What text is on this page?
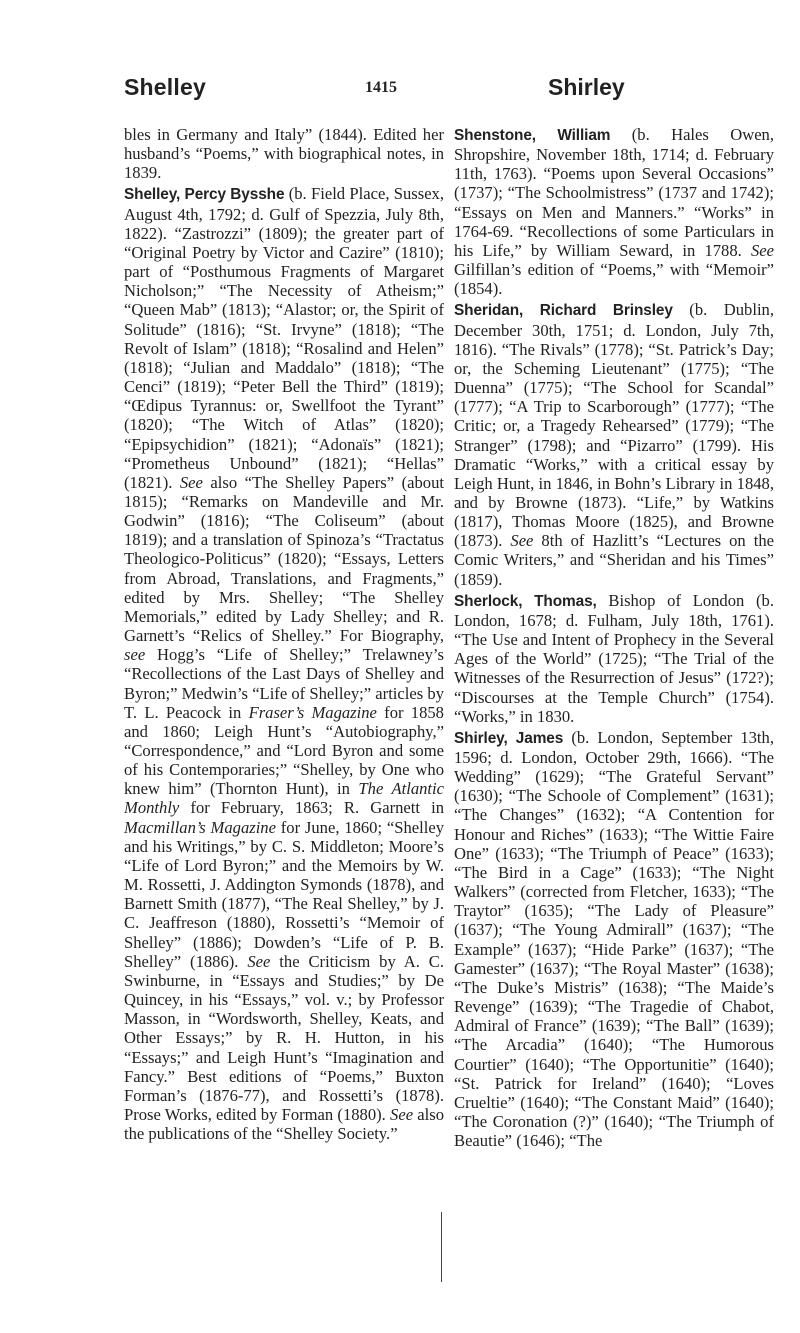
Shelley	1415	Shirley

bles in Germany and Italy” (1844). Edited her husband’s “Poems,” with biographical notes, in 1839.

Shelley, Percy Bysshe (b. Field Place, Sussex, August 4th, 1792; d. Gulf of Spezzia, July 8th, 1822). “Zastrozzi” (1809); the greater part of “Original Poetry by Victor and Cazire” (1810); part of “Posthumous Fragments of Margaret Nicholson;” “The Necessity of Atheism;” “Queen Mab” (1813); “Alastor; or, the Spirit of Solitude” (1816); “St. Irvyne” (1818); “The Revolt of Islam” (1818); “Rosalind and Helen” (1818); “Julian and Maddalo” (1818); “The Cenci” (1819); “Peter Bell the Third” (1819); “Œdipus Tyrannus: or, Swellfoot the Tyrant” (1820); “The Witch of Atlas” (1820); “Epipsychidion” (1821); “Adonaïs” (1821); “Prometheus Unbound” (1821); “Hellas” (1821). See also “The Shelley Papers” (about 1815); “Remarks on Mandeville and Mr. Godwin” (1816); “The Coliseum” (about 1819); and a translation of Spinoza’s “Tractatus Theologico-Politicus” (1820); “Essays, Letters from Abroad, Translations, and Fragments,” edited by Mrs. Shelley; “The Shelley Memorials,” edited by Lady Shelley; and R. Garnett’s “Relics of Shelley.” For Biography, see Hogg’s “Life of Shelley;” Trelawney’s “Recollections of the Last Days of Shelley and Byron;” Medwin’s “Life of Shelley;” articles by T. L. Peacock in Fraser’s Magazine for 1858 and 1860; Leigh Hunt’s “Autobiography,” “Correspondence,” and “Lord Byron and some of his Contemporaries;” “Shelley, by One who knew him” (Thornton Hunt), in The Atlantic Monthly for February, 1863; R. Garnett in Macmillan’s Magazine for June, 1860; “Shelley and his Writings,” by C. S. Middleton; Moore’s “Life of Lord Byron;” and the Memoirs by W. M. Rossetti, J. Addington Symonds (1878), and Barnett Smith (1877), “The Real Shelley,” by J. C. Jeaffreson (1880), Rossetti’s “Memoir of Shelley” (1886); Dowden’s “Life of P. B. Shelley” (1886). See the Criticism by A. C. Swinburne, in “Essays and Studies;” by De Quincey, in his “Essays,” vol. v.; by Professor Masson, in “Wordsworth, Shelley, Keats, and Other Essays;” by R. H. Hutton, in his “Essays;” and Leigh Hunt’s “Imagination and Fancy.” Best editions of “Poems,” Buxton Forman’s (1876-77), and Rossetti’s (1878). Prose Works, edited by Forman (1880). See also the publications of the “Shelley Society.”

Shenstone, William (b. Hales Owen, Shropshire, November 18th, 1714; d. February 11th, 1763). “Poems upon Several Occasions” (1737); “The Schoolmistress” (1737 and 1742); “Essays on Men and Manners.” “Works” in 1764-69. “Recollections of some Particulars in his Life,” by William Seward, in 1788. See Gilfillan’s edition of “Poems,” with “Memoir” (1854).

Sheridan, Richard Brinsley (b. Dublin, December 30th, 1751; d. London, July 7th, 1816). “The Rivals” (1778); “St. Patrick’s Day; or, the Scheming Lieutenant” (1775); “The Duenna” (1775); “The School for Scandal” (1777); “A Trip to Scarborough” (1777); “The Critic; or, a Tragedy Rehearsed” (1779); “The Stranger” (1798); and “Pizarro” (1799). His Dramatic “Works,” with a critical essay by Leigh Hunt, in 1846, in Bohn’s Library in 1848, and by Browne (1873). “Life,” by Watkins (1817), Thomas Moore (1825), and Browne (1873). See 8th of Hazlitt’s “Lectures on the Comic Writers,” and “Sheridan and his Times” (1859).

Sherlock, Thomas, Bishop of London (b. London, 1678; d. Fulham, July 18th, 1761). “The Use and Intent of Prophecy in the Several Ages of the World” (1725); “The Trial of the Witnesses of the Resurrection of Jesus” (172?); “Discourses at the Temple Church” (1754). “Works,” in 1830.

Shirley, James (b. London, September 13th, 1596; d. London, October 29th, 1666). “The Wedding” (1629); “The Grateful Servant” (1630); “The Schoole of Complement” (1631); “The Changes” (1632); “A Contention for Honour and Riches” (1633); “The Wittie Faire One” (1633); “The Triumph of Peace” (1633); “The Bird in a Cage” (1633); “The Night Walkers” (corrected from Fletcher, 1633); “The Traytor” (1635); “The Lady of Pleasure” (1637); “The Young Admirall” (1637); “The Example” (1637); “Hide Parke” (1637); “The Gamester” (1637); “The Royal Master” (1638); “The Duke’s Mistris” (1638); “The Maide’s Revenge” (1639); “The Tragedie of Chabot, Admiral of France” (1639); “The Ball” (1639); “The Arcadia” (1640); “The Humorous Courtier” (1640); “The Opportunitie” (1640); “St. Patrick for Ireland” (1640); “Loves Crueltie” (1640); “The Constant Maid” (1640); “The Coronation (?)” (1640); “The Triumph of Beautie” (1646); “The
